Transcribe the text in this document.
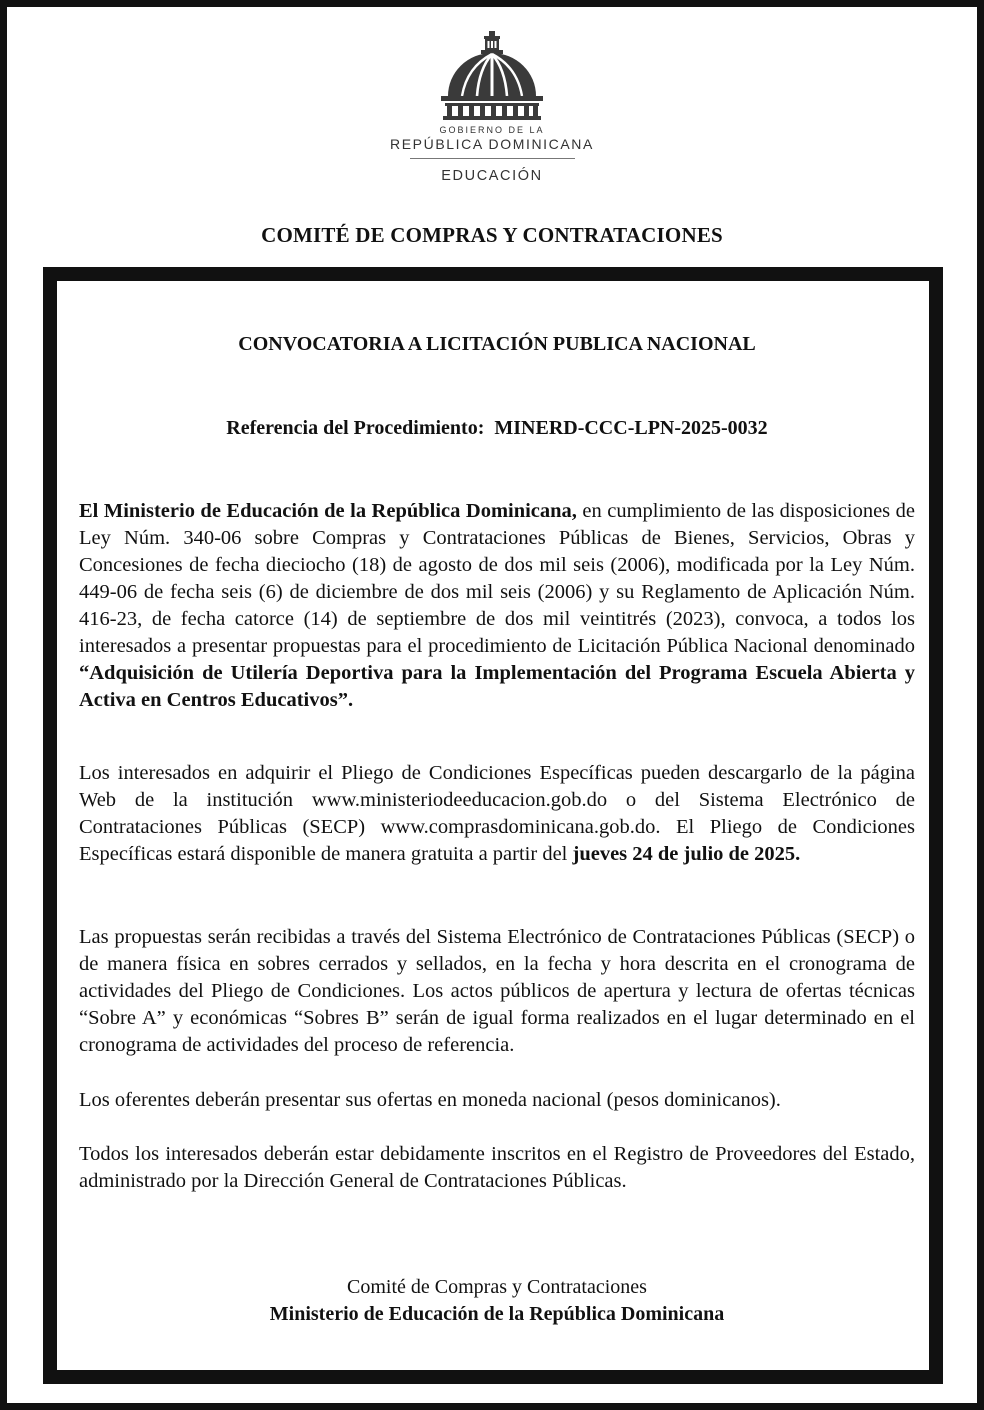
GOBIERNO DE LA
REPÚBLICA DOMINICANA
EDUCACIÓN
COMITÉ DE COMPRAS Y CONTRATACIONES
CONVOCATORIA A LICITACIÓN PUBLICA NACIONAL
Referencia del Procedimiento: MINERD-CCC-LPN-2025-0032

El Ministerio de Educación de la República Dominicana, en cumplimiento de las disposiciones de Ley Núm. 340-06 sobre Compras y Contrataciones Públicas de Bienes, Servicios, Obras y Concesiones de fecha dieciocho (18) de agosto de dos mil seis (2006), modificada por la Ley Núm. 449-06 de fecha seis (6) de diciembre de dos mil seis (2006) y su Reglamento de Aplicación Núm. 416-23, de fecha catorce (14) de septiembre de dos mil veintitrés (2023), convoca, a todos los interesados a presentar propuestas para el procedimiento de Licitación Pública Nacional denominado “Adquisición de Utilería Deportiva para la Implementación del Programa Escuela Abierta y Activa en Centros Educativos”.

Los interesados en adquirir el Pliego de Condiciones Específicas pueden descargarlo de la página Web de la institución www.ministeriodeeducacion.gob.do o del Sistema Electrónico de Contrataciones Públicas (SECP) www.comprasdominicana.gob.do. El Pliego de Condiciones Específicas estará disponible de manera gratuita a partir del jueves 24 de julio de 2025.

Las propuestas serán recibidas a través del Sistema Electrónico de Contrataciones Públicas (SECP) o de manera física en sobres cerrados y sellados, en la fecha y hora descrita en el cronograma de actividades del Pliego de Condiciones. Los actos públicos de apertura y lectura de ofertas técnicas “Sobre A” y económicas “Sobres B” serán de igual forma realizados en el lugar determinado en el cronograma de actividades del proceso de referencia.

Los oferentes deberán presentar sus ofertas en moneda nacional (pesos dominicanos).

Todos los interesados deberán estar debidamente inscritos en el Registro de Proveedores del Estado, administrado por la Dirección General de Contrataciones Públicas.

Comité de Compras y Contrataciones
Ministerio de Educación de la República Dominicana
